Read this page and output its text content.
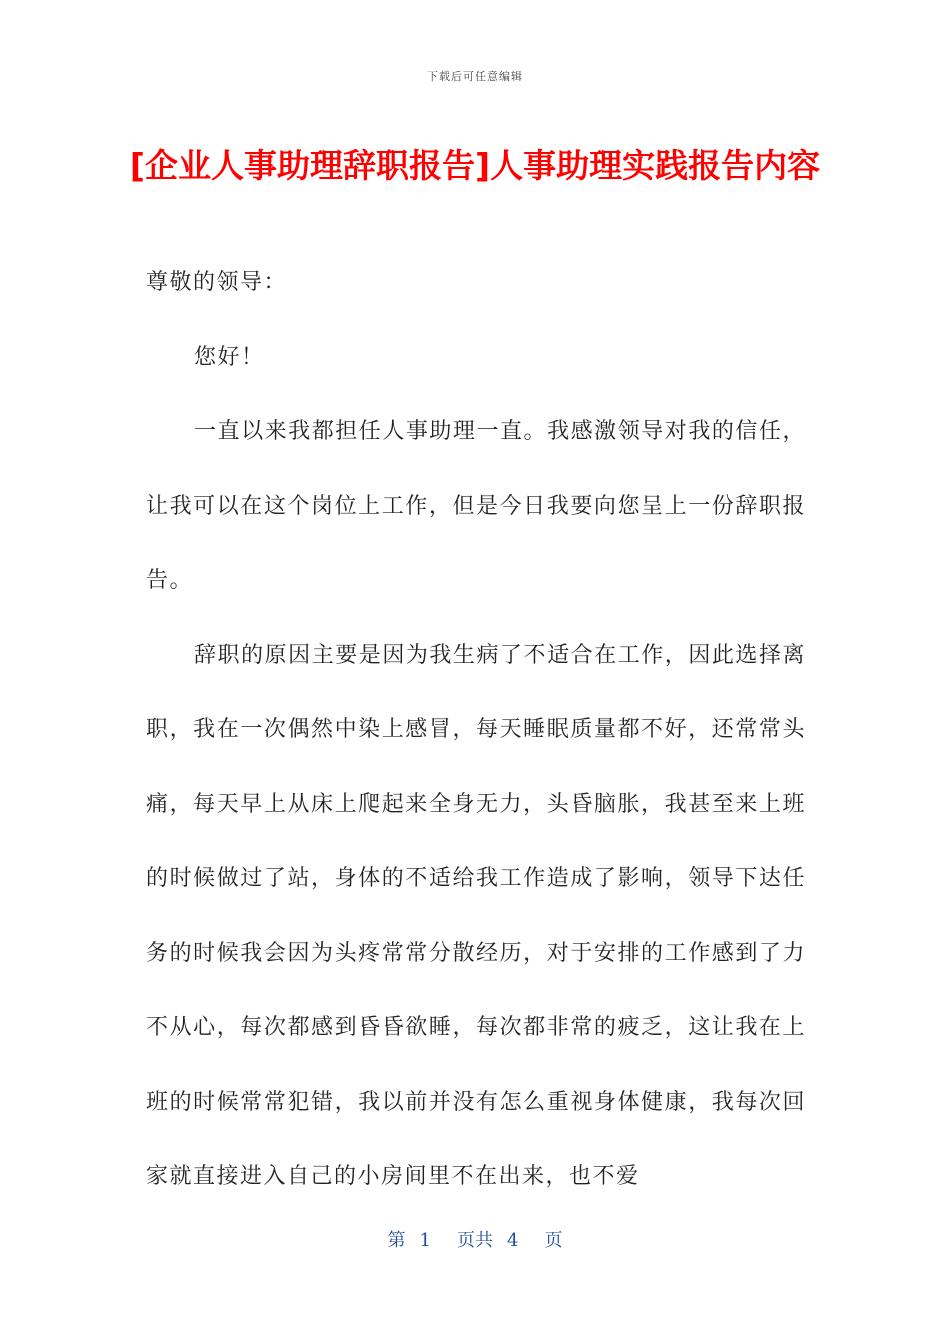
下载后可任意编辑
[企业人事助理辞职报告]人事助理实践报告内容

尊敬的领导：

您好！

一直以来我都担任人事助理一直。我感激领导对我的信任，让我可以在这个岗位上工作，但是今日我要向您呈上一份辞职报告。

辞职的原因主要是因为我生病了不适合在工作，因此选择离职，我在一次偶然中染上感冒，每天睡眠质量都不好，还常常头痛，每天早上从床上爬起来全身无力，头昏脑胀，我甚至来上班的时候做过了站，身体的不适给我工作造成了影响，领导下达任务的时候我会因为头疼常常分散经历，对于安排的工作感到了力不从心，每次都感到昏昏欲睡，每次都非常的疲乏，这让我在上班的时候常常犯错，我以前并没有怎么重视身体健康，我每次回家就直接进入自己的小房间里不在出来，也不爱

第 1 页共 4 页
